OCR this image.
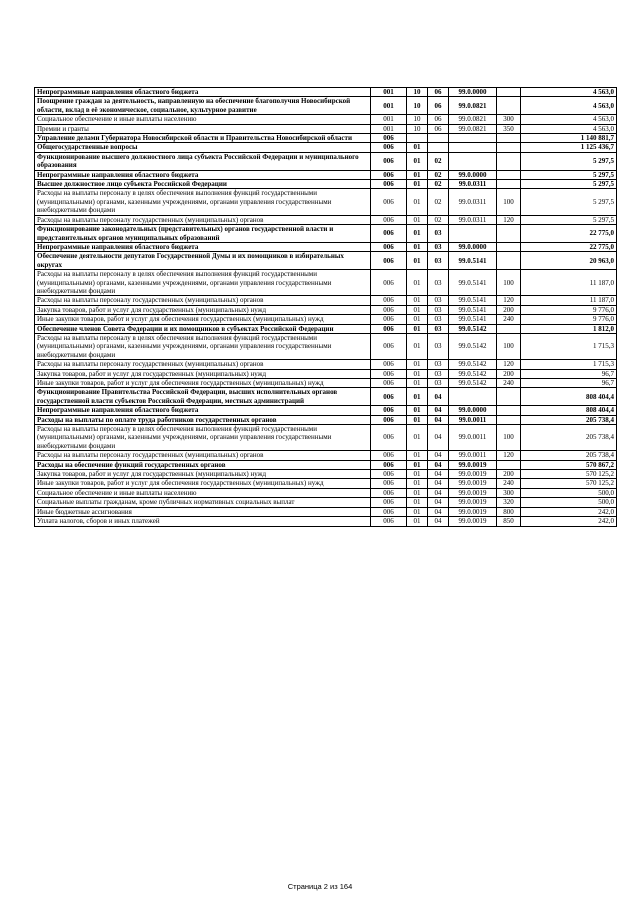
Непрограммные направления областного бюджета	001	10	06	99.0.0000		4 563,0
Поощрение граждан за деятельность, направленную на обеспечение благополучия Новосибирской области, вклад в её экономическое, социальное, культурное развитие	001	10	06	99.0.0821		4 563,0
Социальное обеспечение и иные выплаты населению	001	10	06	99.0.0821	300	4 563,0
Премии и гранты	001	10	06	99.0.0821	350	4 563,0
Управление делами Губернатора Новосибирской области и Правительства Новосибирской области	006					1 140 881,7
Общегосударственные вопросы	006	01				1 125 436,7
Функционирование высшего должностного лица субъекта Российской Федерации и муниципального образования	006	01	02			5 297,5
Непрограммные направления областного бюджета	006	01	02	99.0.0000		5 297,5
Высшее должностное лицо субъекта Российской Федерации	006	01	02	99.0.0311		5 297,5
Расходы на выплаты персоналу в целях обеспечения выполнения функций государственными (муниципальными) органами, казенными учреждениями, органами управления государственными внебюджетными фондами	006	01	02	99.0.0311	100	5 297,5
Расходы на выплаты персоналу государственных (муниципальных) органов	006	01	02	99.0.0311	120	5 297,5
Функционирование законодательных (представительных) органов государственной власти и представительных органов муниципальных образований	006	01	03			22 775,0
Непрограммные направления областного бюджета	006	01	03	99.0.0000		22 775,0
Обеспечение деятельности депутатов Государственной Думы и их помощников в избирательных округах	006	01	03	99.0.5141		20 963,0
Расходы на выплаты персоналу в целях обеспечения выполнения функций государственными (муниципальными) органами, казенными учреждениями, органами управления государственными внебюджетными фондами	006	01	03	99.0.5141	100	11 187,0
Расходы на выплаты персоналу государственных (муниципальных) органов	006	01	03	99.0.5141	120	11 187,0
Закупка товаров, работ и услуг для государственных (муниципальных) нужд	006	01	03	99.0.5141	200	9 776,0
Иные закупки товаров, работ и услуг для обеспечения государственных (муниципальных) нужд	006	01	03	99.0.5141	240	9 776,0
Обеспечение членов Совета Федерации и их помощников в субъектах Российской Федерации	006	01	03	99.0.5142		1 812,0
Расходы на выплаты персоналу в целях обеспечения выполнения функций государственными (муниципальными) органами, казенными учреждениями, органами управления государственными внебюджетными фондами	006	01	03	99.0.5142	100	1 715,3
Расходы на выплаты персоналу государственных (муниципальных) органов	006	01	03	99.0.5142	120	1 715,3
Закупка товаров, работ и услуг для государственных (муниципальных) нужд	006	01	03	99.0.5142	200	96,7
Иные закупки товаров, работ и услуг для обеспечения государственных (муниципальных) нужд	006	01	03	99.0.5142	240	96,7
Функционирование Правительства Российской Федерации, высших исполнительных органов государственной власти субъектов Российской Федерации, местных администраций	006	01	04			808 404,4
Непрограммные направления областного бюджета	006	01	04	99.0.0000		808 404,4
Расходы на выплаты по оплате труда работников государственных органов	006	01	04	99.0.0011		205 738,4
Расходы на выплаты персоналу в целях обеспечения выполнения функций государственными (муниципальными) органами, казенными учреждениями, органами управления государственными внебюджетными фондами	006	01	04	99.0.0011	100	205 738,4
Расходы на выплаты персоналу государственных (муниципальных) органов	006	01	04	99.0.0011	120	205 738,4
Расходы на обеспечение функций государственных органов	006	01	04	99.0.0019		570 867,2
Закупка товаров, работ и услуг для государственных (муниципальных) нужд	006	01	04	99.0.0019	200	570 125,2
Иные закупки товаров, работ и услуг для обеспечения государственных (муниципальных) нужд	006	01	04	99.0.0019	240	570 125,2
Социальное обеспечение и иные выплаты населению	006	01	04	99.0.0019	300	500,0
Социальные выплаты гражданам, кроме публичных нормативных социальных выплат	006	01	04	99.0.0019	320	500,0
Иные бюджетные ассигнования	006	01	04	99.0.0019	800	242,0
Уплата налогов, сборов и иных платежей	006	01	04	99.0.0019	850	242,0
Страница 2 из 164
